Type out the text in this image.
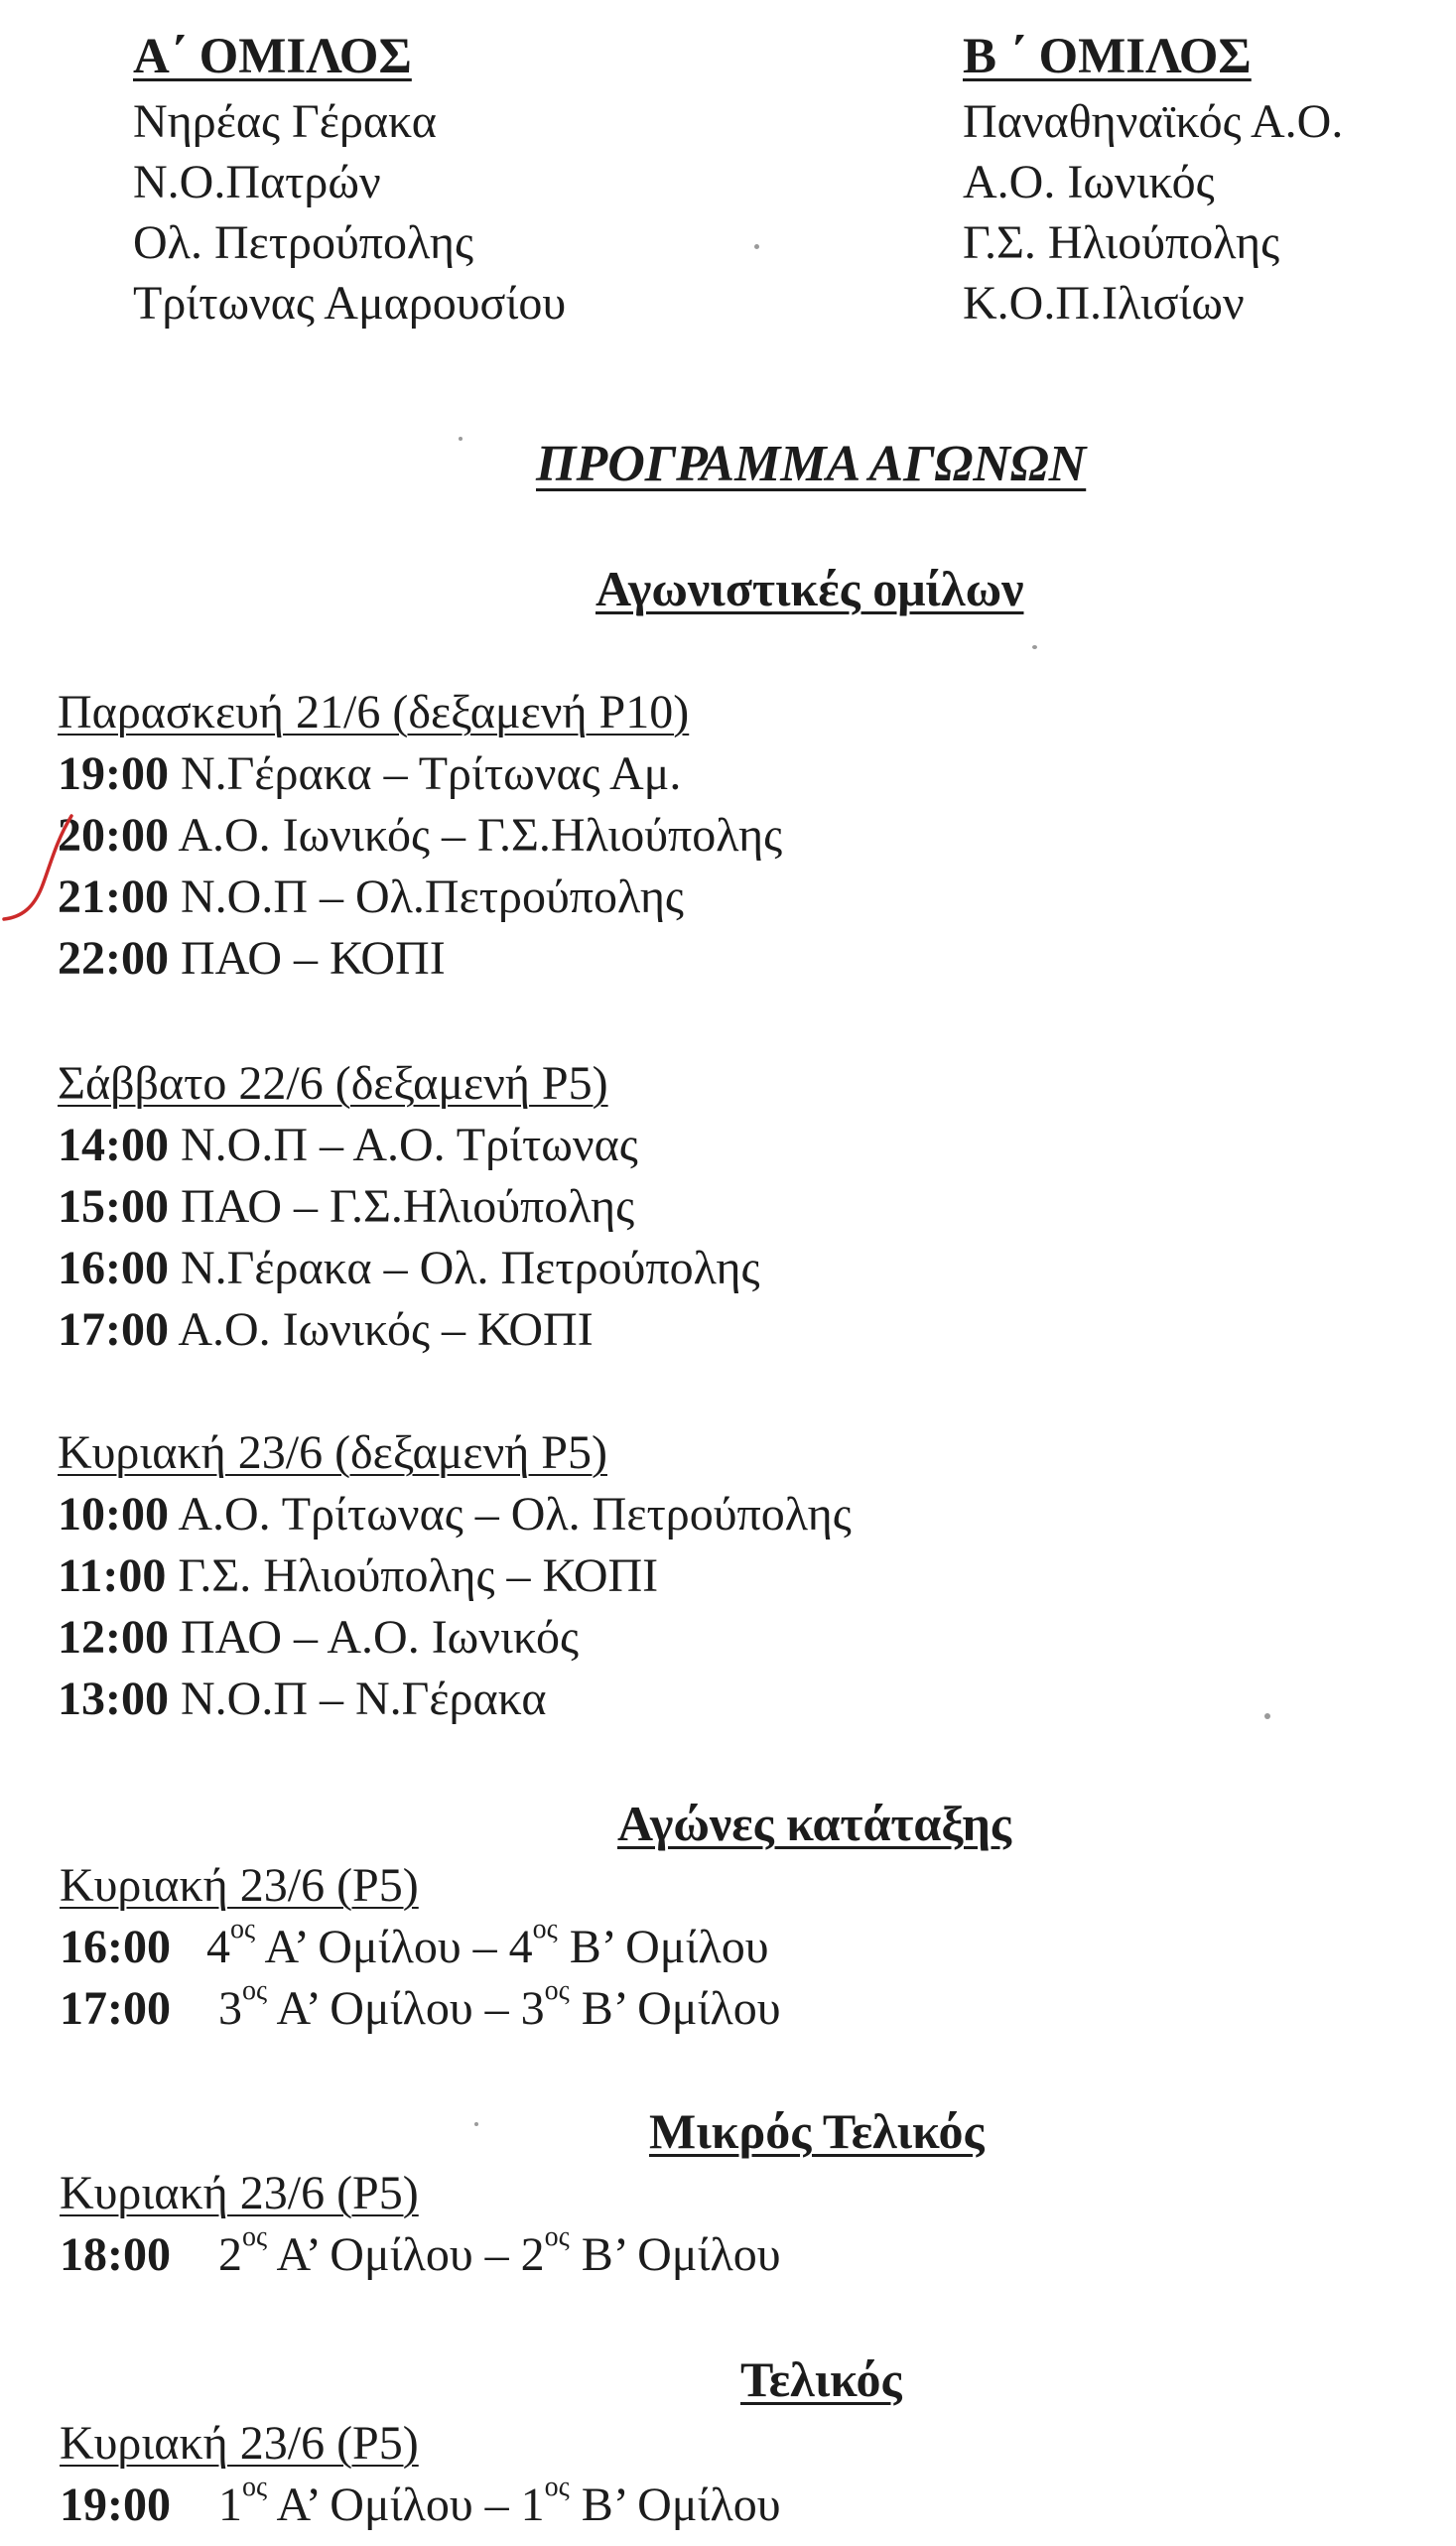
Α΄ ΟΜΙΛΟΣ
Νηρέας Γέρακα
Ν.Ο.Πατρών
Ολ. Πετρούπολης
Τρίτωνας Αμαρουσίου
Β ΄ ΟΜΙΛΟΣ
Παναθηναϊκός Α.Ο.
Α.Ο. Ιωνικός
Γ.Σ. Ηλιούπολης
Κ.Ο.Π.Ιλισίων
ΠΡΟΓΡΑΜΜΑ ΑΓΩΝΩΝ
Αγωνιστικές ομίλων
Παρασκευή 21/6 (δεξαμενή Ρ10)
19:00 Ν.Γέρακα – Τρίτωνας Αμ.
20:00 Α.Ο. Ιωνικός – Γ.Σ.Ηλιούπολης
21:00 Ν.Ο.Π – Ολ.Πετρούπολης
22:00 ΠΑΟ – ΚΟΠΙ
Σάββατο 22/6 (δεξαμενή Ρ5)
14:00 Ν.Ο.Π – Α.Ο. Τρίτωνας
15:00 ΠΑΟ – Γ.Σ.Ηλιούπολης
16:00 Ν.Γέρακα – Ολ. Πετρούπολης
17:00 Α.Ο. Ιωνικός – ΚΟΠΙ
Κυριακή 23/6 (δεξαμενή Ρ5)
10:00 Α.Ο. Τρίτωνας – Ολ. Πετρούπολης
11:00 Γ.Σ. Ηλιούπολης – ΚΟΠΙ
12:00 ΠΑΟ – Α.Ο. Ιωνικός
13:00 Ν.Ο.Π – Ν.Γέρακα
Αγώνες κατάταξης
Κυριακή 23/6 (Ρ5)
16:00 $4^{o\varsigma}$ Α’ Ομίλου – $4^{o\varsigma}$ Β’ Ομίλου
17:00 $3^{o\varsigma}$ Α’ Ομίλου – $3^{o\varsigma}$ Β’ Ομίλου
Μικρός Τελικός
Κυριακή 23/6 (Ρ5)
18:00 $2^{o\varsigma}$ Α’ Ομίλου – $2^{o\varsigma}$ Β’ Ομίλου
Τελικός
Κυριακή 23/6 (Ρ5)
19:00 $1^{o\varsigma}$ Α’ Ομίλου – $1^{o\varsigma}$ Β’ Ομίλου
